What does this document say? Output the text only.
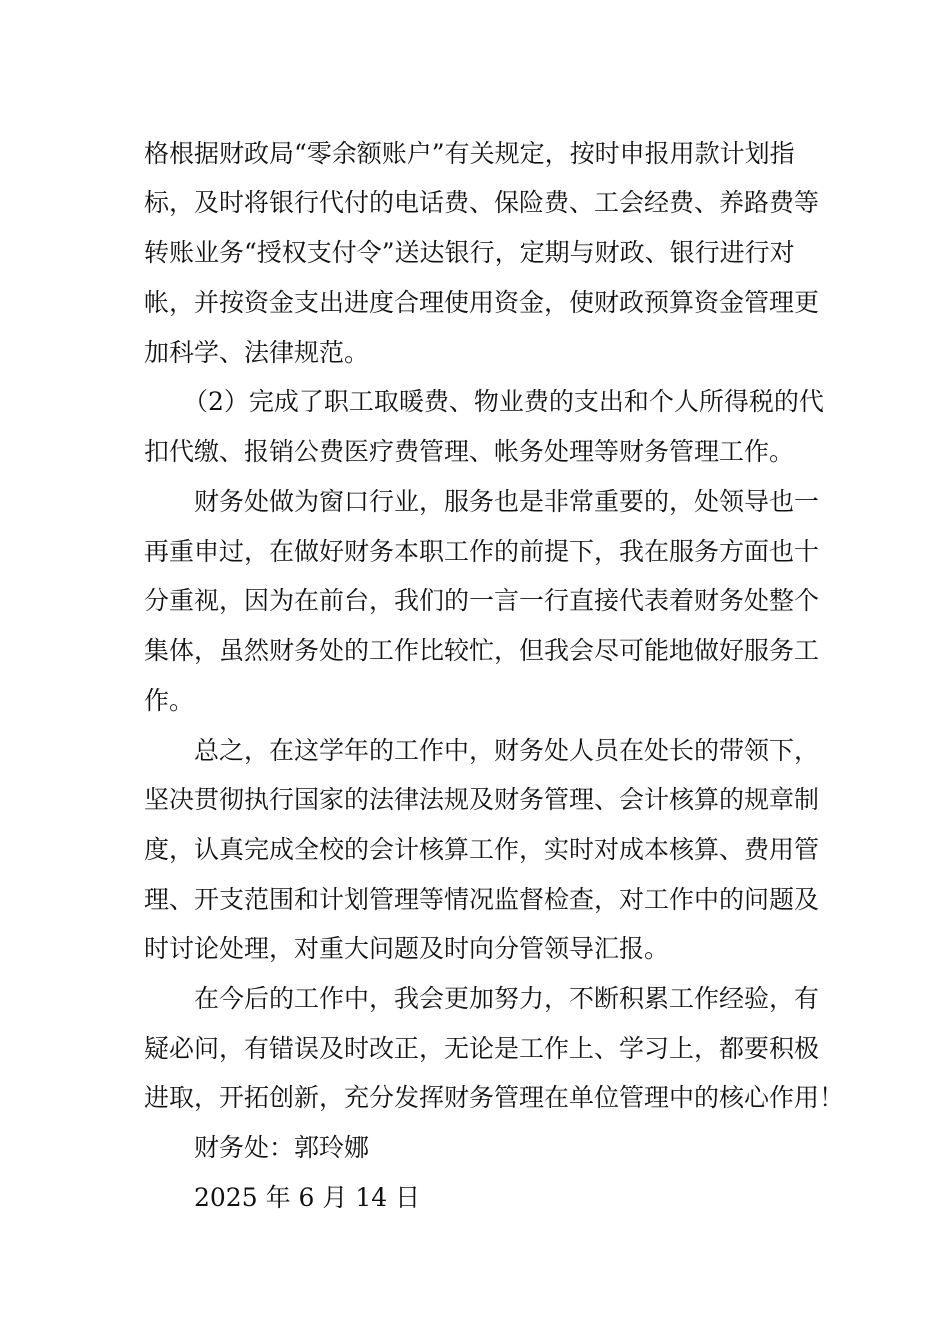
格根据财政局“零余额账户”有关规定，按时申报用款计划指
标，及时将银行代付的电话费、保险费、工会经费、养路费等
转账业务“授权支付令”送达银行，定期与财政、银行进行对
帐，并按资金支出进度合理使用资金，使财政预算资金管理更
加科学、法律规范。
（2）完成了职工取暖费、物业费的支出和个人所得税的代
扣代缴、报销公费医疗费管理、帐务处理等财务管理工作。
财务处做为窗口行业，服务也是非常重要的，处领导也一
再重申过，在做好财务本职工作的前提下，我在服务方面也十
分重视，因为在前台，我们的一言一行直接代表着财务处整个
集体，虽然财务处的工作比较忙，但我会尽可能地做好服务工
作。
总之，在这学年的工作中，财务处人员在处长的带领下，
坚决贯彻执行国家的法律法规及财务管理、会计核算的规章制
度，认真完成全校的会计核算工作，实时对成本核算、费用管
理、开支范围和计划管理等情况监督检查，对工作中的问题及
时讨论处理，对重大问题及时向分管领导汇报。
在今后的工作中，我会更加努力，不断积累工作经验，有
疑必问，有错误及时改正，无论是工作上、学习上，都要积极
进取，开拓创新，充分发挥财务管理在单位管理中的核心作用！
财务处：郭玲娜
2025 年 6 月 14 日
